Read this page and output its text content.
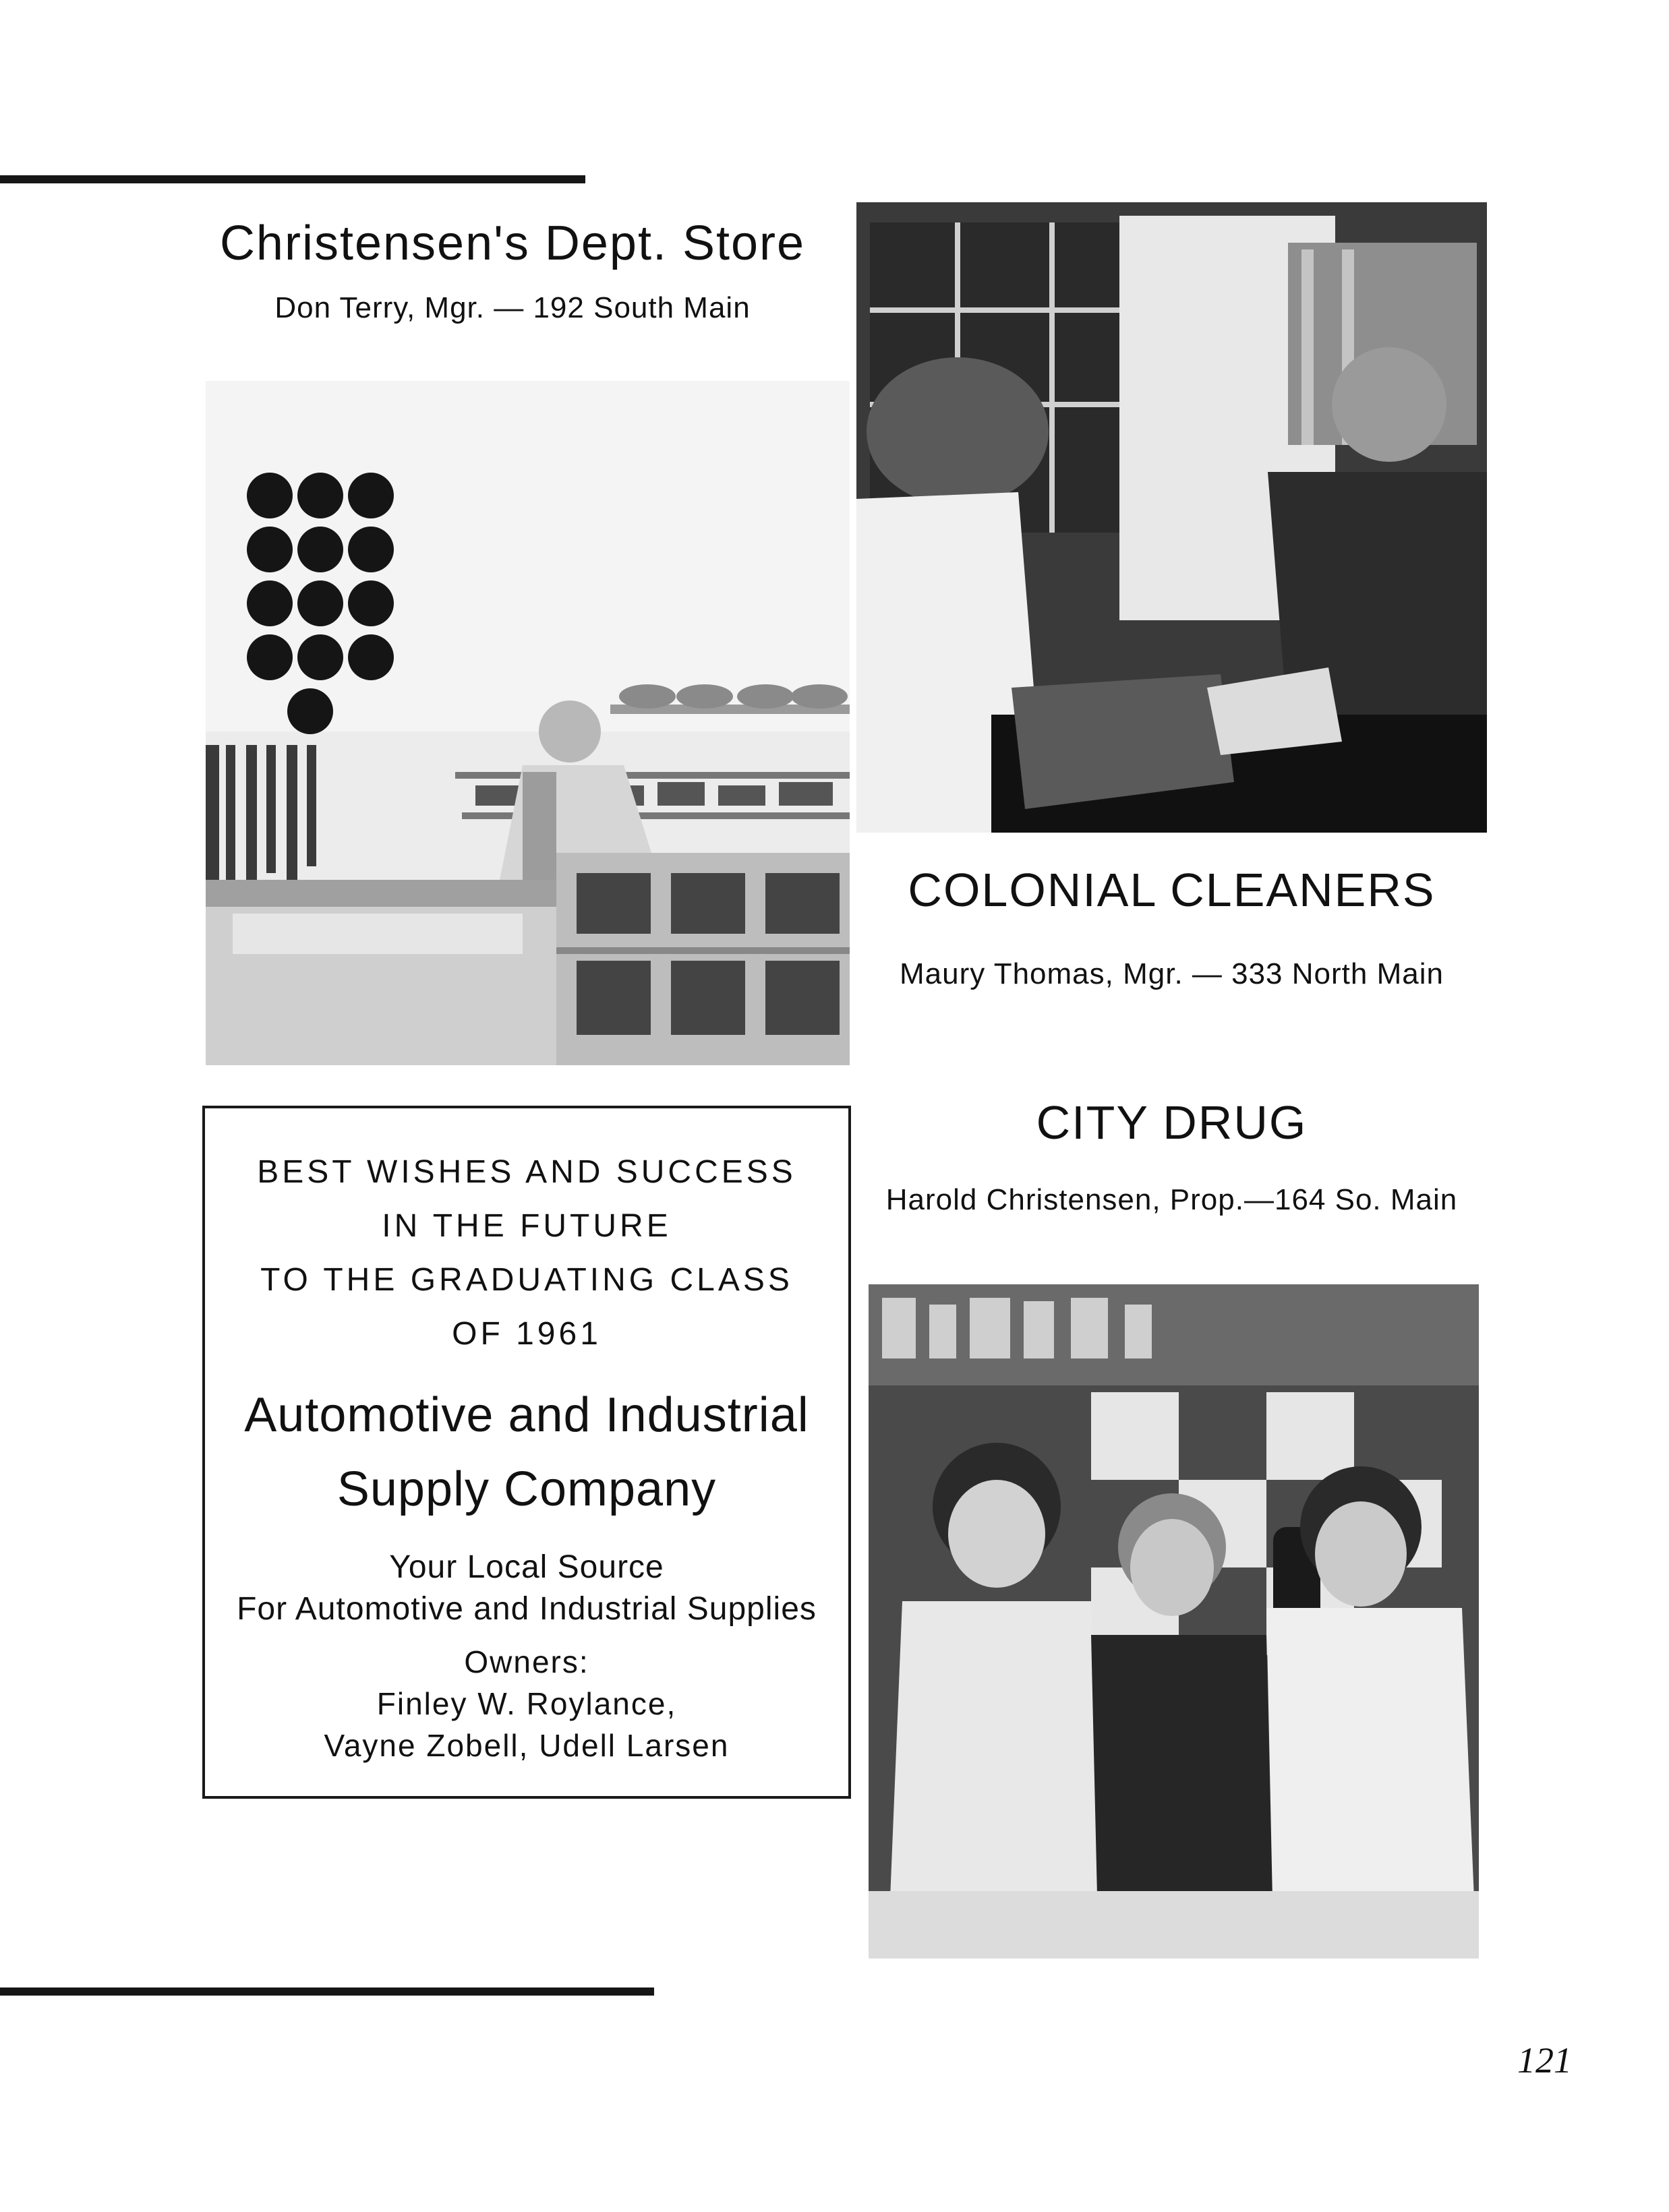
Christensen's Dept. Store
Don Terry, Mgr. — 192 South Main
COLONIAL CLEANERS
Maury Thomas, Mgr. — 333 North Main
CITY DRUG
Harold Christensen, Prop.—164 So. Main
BEST WISHES AND SUCCESS
IN THE FUTURE
TO THE GRADUATING CLASS
OF 1961
Automotive and Industrial
Supply Company
Your Local Source
For Automotive and Industrial Supplies
Owners:
Finley W. Roylance,
Vayne Zobell, Udell Larsen
121
